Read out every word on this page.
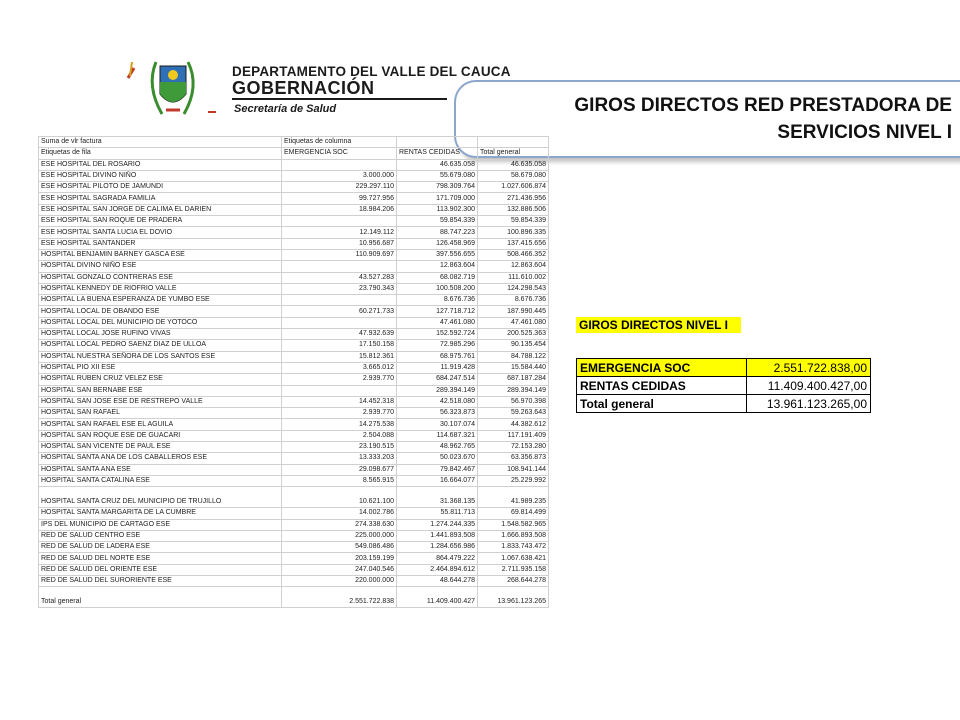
DEPARTAMENTO DEL VALLE DEL CAUCA
GOBERNACIÓN
Secretaría de Salud	GIROS DIRECTOS RED PRESTADORA DE SERVICIOS NIVEL I
Suma de vlr factura	Etiquetas de columna		
Etiquetas de fila	EMERGENCIA SOC	RENTAS CEDIDAS	Total general
ESE HOSPITAL DEL ROSARIO		46.635.058	46.635.058
ESE HOSPITAL DIVINO NIÑO	3.000.000	55.679.080	58.679.080
ESE HOSPITAL PILOTO DE JAMUNDI	229.297.110	798.309.764	1.027.606.874
ESE HOSPITAL SAGRADA FAMILIA	99.727.956	171.709.000	271.436.956
ESE HOSPITAL SAN JORGE DE CALIMA EL DARIEN	18.984.206	113.902.300	132.886.506
ESE HOSPITAL SAN ROQUE DE PRADERA		59.854.339	59.854.339
ESE HOSPITAL SANTA LUCIA EL DOVIO	12.149.112	88.747.223	100.896.335
ESE HOSPITAL SANTANDER	10.956.687	126.458.969	137.415.656
HOSPITAL BENJAMIN BARNEY GASCA ESE	110.909.697	397.556.655	508.466.352
HOSPITAL DIVINO NIÑO ESE		12.863.604	12.863.604
HOSPITAL GONZALO CONTRERAS ESE	43.527.283	68.082.719	111.610.002
HOSPITAL KENNEDY DE RIOFRIO VALLE	23.790.343	100.508.200	124.298.543
HOSPITAL LA BUENA ESPERANZA DE YUMBO ESE		8.676.736	8.676.736
HOSPITAL LOCAL DE OBANDO ESE	60.271.733	127.718.712	187.990.445
HOSPITAL LOCAL DEL MUNICIPIO DE YOTOCO		47.461.080	47.461.080
HOSPITAL LOCAL JOSE RUFINO VIVAS	47.932.639	152.592.724	200.525.363
HOSPITAL LOCAL PEDRO SAENZ DIAZ DE ULLOA	17.150.158	72.985.296	90.135.454
HOSPITAL NUESTRA SEÑORA DE LOS SANTOS ESE	15.812.361	68.975.761	84.788.122
HOSPITAL PIO XII ESE	3.665.012	11.919.428	15.584.440
HOSPITAL RUBEN CRUZ VELEZ ESE	2.939.770	684.247.514	687.187.284
HOSPITAL SAN BERNABE ESE		289.394.149	289.394.149
HOSPITAL SAN JOSE ESE DE RESTREPO VALLE	14.452.318	42.518.080	56.970.398
HOSPITAL SAN RAFAEL	2.939.770	56.323.873	59.263.643
HOSPITAL SAN RAFAEL ESE EL AGUILA	14.275.538	30.107.074	44.382.612
HOSPITAL SAN ROQUE ESE DE GUACARI	2.504.088	114.687.321	117.191.409
HOSPITAL SAN VICENTE DE PAUL ESE	23.190.515	48.962.765	72.153.280
HOSPITAL SANTA ANA DE LOS CABALLEROS ESE	13.333.203	50.023.670	63.356.873
HOSPITAL SANTA ANA ESE	29.098.677	79.842.467	108.941.144
HOSPITAL SANTA CATALINA ESE	8.565.915	16.664.077	25.229.992
HOSPITAL SANTA CRUZ DEL MUNICIPIO DE TRUJILLO	10.621.100	31.368.135	41.989.235
HOSPITAL SANTA MARGARITA DE LA CUMBRE	14.002.786	55.811.713	69.814.499
IPS DEL MUNICIPIO DE CARTAGO ESE	274.338.630	1.274.244.335	1.548.582.965
RED DE SALUD CENTRO ESE	225.000.000	1.441.893.508	1.666.893.508
RED DE SALUD DE LADERA ESE	549.086.486	1.284.656.986	1.833.743.472
RED DE SALUD DEL NORTE ESE	203.159.199	864.479.222	1.067.638.421
RED DE SALUD DEL ORIENTE ESE	247.040.546	2.464.894.612	2.711.935.158
RED DE SALUD DEL SURORIENTE ESE	220.000.000	48.644.278	268.644.278
Total general	2.551.722.838	11.409.400.427	13.961.123.265
GIROS DIRECTOS NIVEL I
EMERGENCIA SOC	2.551.722.838,00
RENTAS CEDIDAS	11.409.400.427,00
Total general	13.961.123.265,00
